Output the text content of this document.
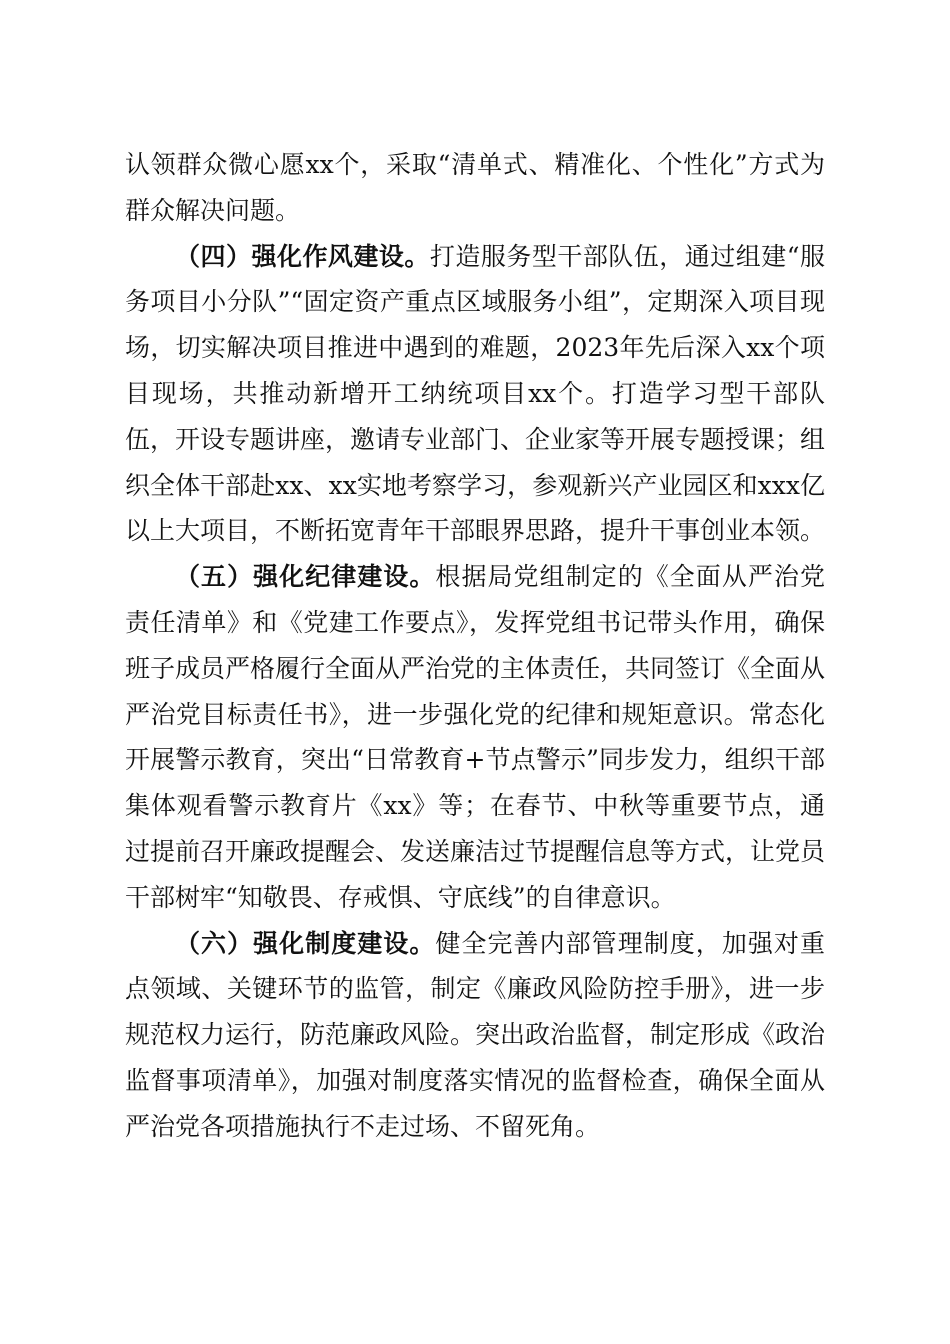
认领群众微心愿xx个，采取“清单式、精准化、个性化”方式为群众解决问题。

（四）强化作风建设。打造服务型干部队伍，通过组建“服务项目小分队”“固定资产重点区域服务小组”，定期深入项目现场，切实解决项目推进中遇到的难题，2023年先后深入xx个项目现场，共推动新增开工纳统项目xx个。打造学习型干部队伍，开设专题讲座，邀请专业部门、企业家等开展专题授课；组织全体干部赴xx、xx实地考察学习，参观新兴产业园区和xxx亿以上大项目，不断拓宽青年干部眼界思路，提升干事创业本领。

（五）强化纪律建设。根据局党组制定的《全面从严治党责任清单》和《党建工作要点》，发挥党组书记带头作用，确保班子成员严格履行全面从严治党的主体责任，共同签订《全面从严治党目标责任书》，进一步强化党的纪律和规矩意识。常态化开展警示教育，突出“日常教育+节点警示”同步发力，组织干部集体观看警示教育片《xx》等；在春节、中秋等重要节点，通过提前召开廉政提醒会、发送廉洁过节提醒信息等方式，让党员干部树牢“知敬畏、存戒惧、守底线”的自律意识。

（六）强化制度建设。健全完善内部管理制度，加强对重点领域、关键环节的监管，制定《廉政风险防控手册》，进一步规范权力运行，防范廉政风险。突出政治监督，制定形成《政治监督事项清单》，加强对制度落实情况的监督检查，确保全面从严治党各项措施执行不走过场、不留死角。
